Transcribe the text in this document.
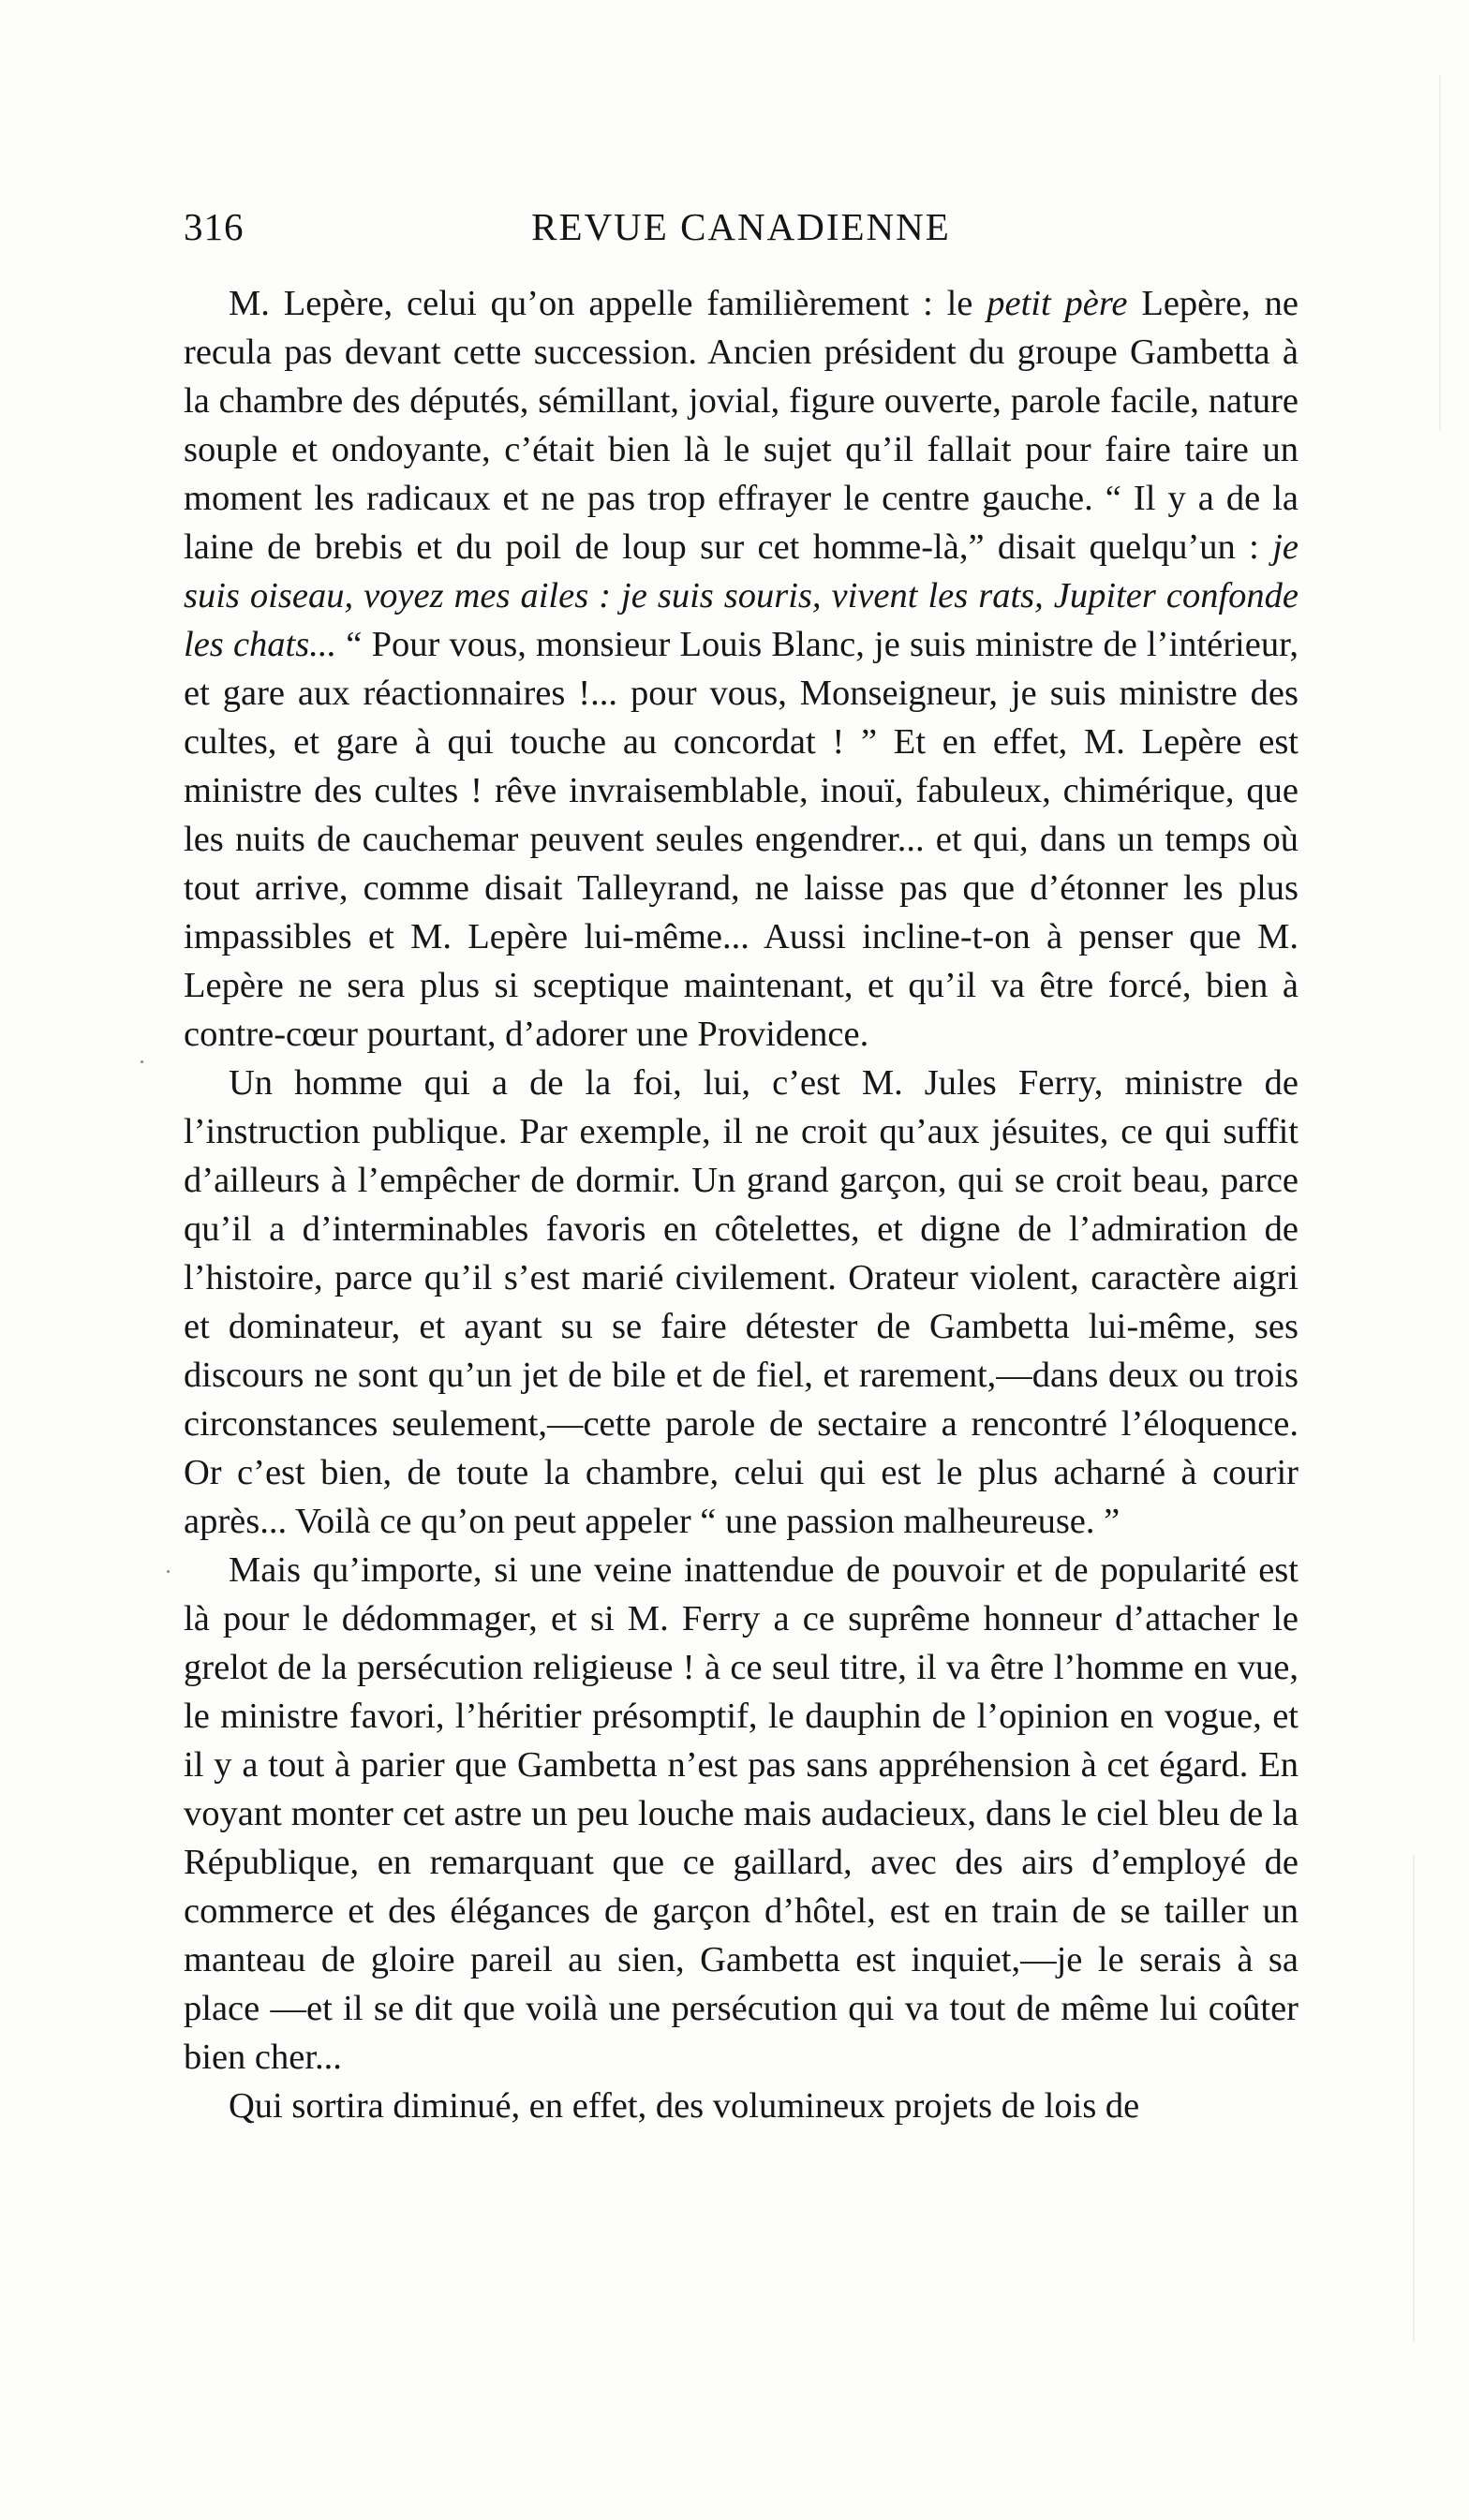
316	REVUE CANADIENNE

M. Lepère, celui qu’on appelle familièrement : le petit père Lepère, ne recula pas devant cette succession. Ancien président du groupe Gambetta à la chambre des députés, sémillant, jovial, figure ouverte, parole facile, nature souple et ondoyante, c’était bien là le sujet qu’il fallait pour faire taire un moment les radicaux et ne pas trop effrayer le centre gauche. “ Il y a de la laine de brebis et du poil de loup sur cet homme-là,” disait quelqu’un : je suis oiseau, voyez mes ailes : je suis souris, vivent les rats, Jupiter confonde les chats... “ Pour vous, monsieur Louis Blanc, je suis ministre de l’intérieur, et gare aux réactionnaires !... pour vous, Monseigneur, je suis ministre des cultes, et gare à qui touche au concordat ! ” Et en effet, M. Lepère est ministre des cultes ! rêve invraisemblable, inouï, fabuleux, chimérique, que les nuits de cauchemar peuvent seules engendrer... et qui, dans un temps où tout arrive, comme disait Talleyrand, ne laisse pas que d’étonner les plus impassibles et M. Lepère lui-même... Aussi incline-t-on à penser que M. Lepère ne sera plus si sceptique maintenant, et qu’il va être forcé, bien à contre-cœur pourtant, d’adorer une Providence.

Un homme qui a de la foi, lui, c’est M. Jules Ferry, ministre de l’instruction publique. Par exemple, il ne croit qu’aux jésuites, ce qui suffit d’ailleurs à l’empêcher de dormir. Un grand garçon, qui se croit beau, parce qu’il a d’interminables favoris en côtelettes, et digne de l’admiration de l’histoire, parce qu’il s’est marié civilement. Orateur violent, caractère aigri et dominateur, et ayant su se faire détester de Gambetta lui-même, ses discours ne sont qu’un jet de bile et de fiel, et rarement,—dans deux ou trois circonstances seulement,—cette parole de sectaire a rencontré l’éloquence. Or c’est bien, de toute la chambre, celui qui est le plus acharné à courir après... Voilà ce qu’on peut appeler “ une passion malheureuse. ”

Mais qu’importe, si une veine inattendue de pouvoir et de popularité est là pour le dédommager, et si M. Ferry a ce suprême honneur d’attacher le grelot de la persécution religieuse ! à ce seul titre, il va être l’homme en vue, le ministre favori, l’héritier présomptif, le dauphin de l’opinion en vogue, et il y a tout à parier que Gambetta n’est pas sans appréhension à cet égard. En voyant monter cet astre un peu louche mais audacieux, dans le ciel bleu de la République, en remarquant que ce gaillard, avec des airs d’employé de commerce et des élégances de garçon d’hôtel, est en train de se tailler un manteau de gloire pareil au sien, Gambetta est inquiet,—je le serais à sa place —et il se dit que voilà une persécution qui va tout de même lui coûter bien cher...

Qui sortira diminué, en effet, des volumineux projets de lois de
